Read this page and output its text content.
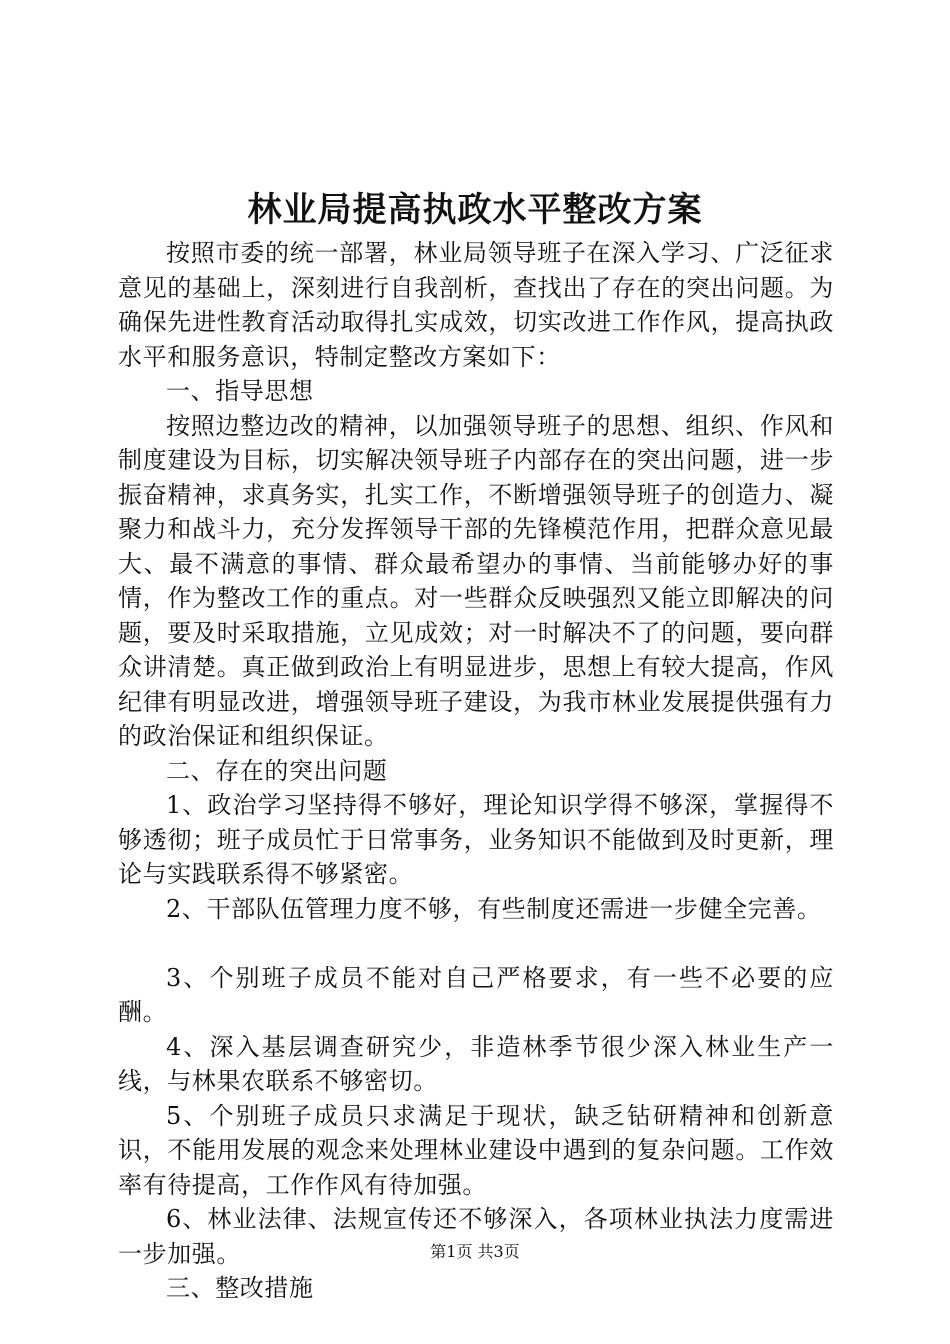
林业局提高执政水平整改方案

按照市委的统一部署，林业局领导班子在深入学习、广泛征求意见的基础上，深刻进行自我剖析，查找出了存在的突出问题。为确保先进性教育活动取得扎实成效，切实改进工作作风，提高执政水平和服务意识，特制定整改方案如下：

一、指导思想

按照边整边改的精神，以加强领导班子的思想、组织、作风和制度建设为目标，切实解决领导班子内部存在的突出问题，进一步振奋精神，求真务实，扎实工作，不断增强领导班子的创造力、凝聚力和战斗力，充分发挥领导干部的先锋模范作用，把群众意见最大、最不满意的事情、群众最希望办的事情、当前能够办好的事情，作为整改工作的重点。对一些群众反映强烈又能立即解决的问题，要及时采取措施，立见成效；对一时解决不了的问题，要向群众讲清楚。真正做到政治上有明显进步，思想上有较大提高，作风纪律有明显改进，增强领导班子建设，为我市林业发展提供强有力的政治保证和组织保证。

二、存在的突出问题

1、政治学习坚持得不够好，理论知识学得不够深，掌握得不够透彻；班子成员忙于日常事务，业务知识不能做到及时更新，理论与实践联系得不够紧密。

2、干部队伍管理力度不够，有些制度还需进一步健全完善。

3、个别班子成员不能对自己严格要求，有一些不必要的应酬。

4、深入基层调查研究少，非造林季节很少深入林业生产一线，与林果农联系不够密切。

5、个别班子成员只求满足于现状，缺乏钻研精神和创新意识，不能用发展的观念来处理林业建设中遇到的复杂问题。工作效率有待提高，工作作风有待加强。

6、林业法律、法规宣传还不够深入，各项林业执法力度需进一步加强。

三、整改措施

第1页 共3页
